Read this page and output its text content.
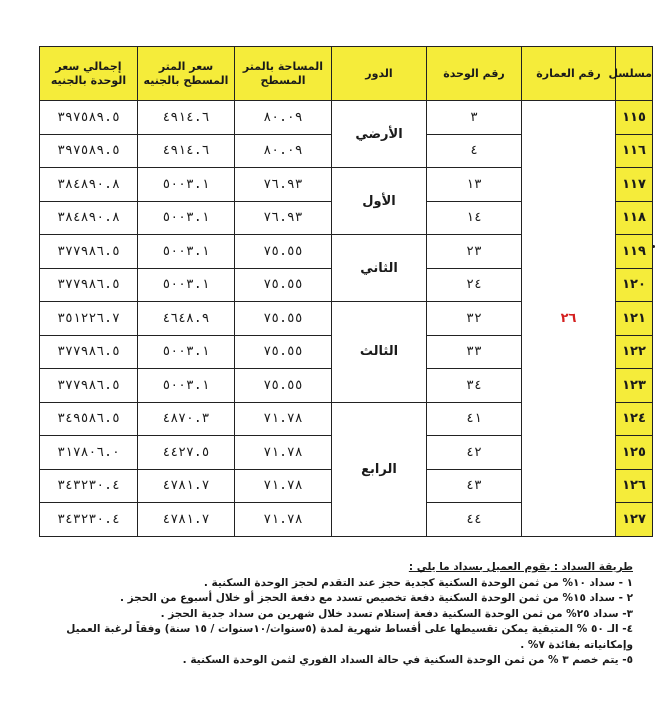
مسلسل	رقم العمارة	رقم الوحدة	الدور	المساحة بالمتر المسطح	سعر المتر المسطح بالجنيه	إجمالي سعر الوحدة بالجنيه
١١٥	٢٦	٣	الأرضي	٨٠.٠٩	٤٩١٤.٦	٣٩٧٥٨٩.٥
١١٦		٤		٨٠.٠٩	٤٩١٤.٦	٣٩٧٥٨٩.٥
١١٧		١٣	الأول	٧٦.٩٣	٥٠٠٣.١	٣٨٤٨٩٠.٨
١١٨		١٤		٧٦.٩٣	٥٠٠٣.١	٣٨٤٨٩٠.٨
١١٩		٢٣	الثاني	٧٥.٥٥	٥٠٠٣.١	٣٧٧٩٨٦.٥
١٢٠		٢٤		٧٥.٥٥	٥٠٠٣.١	٣٧٧٩٨٦.٥
١٢١		٣٢	الثالث	٧٥.٥٥	٤٦٤٨.٩	٣٥١٢٢٦.٧
١٢٢		٣٣		٧٥.٥٥	٥٠٠٣.١	٣٧٧٩٨٦.٥
١٢٣		٣٤		٧٥.٥٥	٥٠٠٣.١	٣٧٧٩٨٦.٥
١٢٤		٤١	الرابع	٧١.٧٨	٤٨٧٠.٣	٣٤٩٥٨٦.٥
١٢٥		٤٢		٧١.٧٨	٤٤٢٧.٥	٣١٧٨٠٦.٠
١٢٦		٤٣		٧١.٧٨	٤٧٨١.٧	٣٤٣٢٣٠.٤
١٢٧		٤٤		٧١.٧٨	٤٧٨١.٧	٣٤٣٢٣٠.٤

طريقة السداد : يقوم العميل بسداد ما يلي :

١ - سداد ١٠% من ثمن الوحدة السكنية كجدية حجز عند التقدم لحجز الوحدة السكنية .

٢ - سداد ١٥% من ثمن الوحدة السكنية دفعة تخصيص تسدد مع دفعة الحجز أو خلال أسبوع من الحجز .

٣- سداد ٢٥% من ثمن الوحدة السكنية دفعة إستلام تسدد خلال شهرين من سداد جدية الحجز .

٤- الـ ٥٠ % المتبقية يمكن تقسيطها على أقساط شهرية لمدة (٥سنوات/١٠سنوات / ١٥ سنة) وفقاً لرغبة العميل

وإمكانياته بفائدة ٧% .

٥- يتم خصم ٣ % من ثمن الوحدة السكنية في حالة السداد الفوري لثمن الوحدة السكنية .
